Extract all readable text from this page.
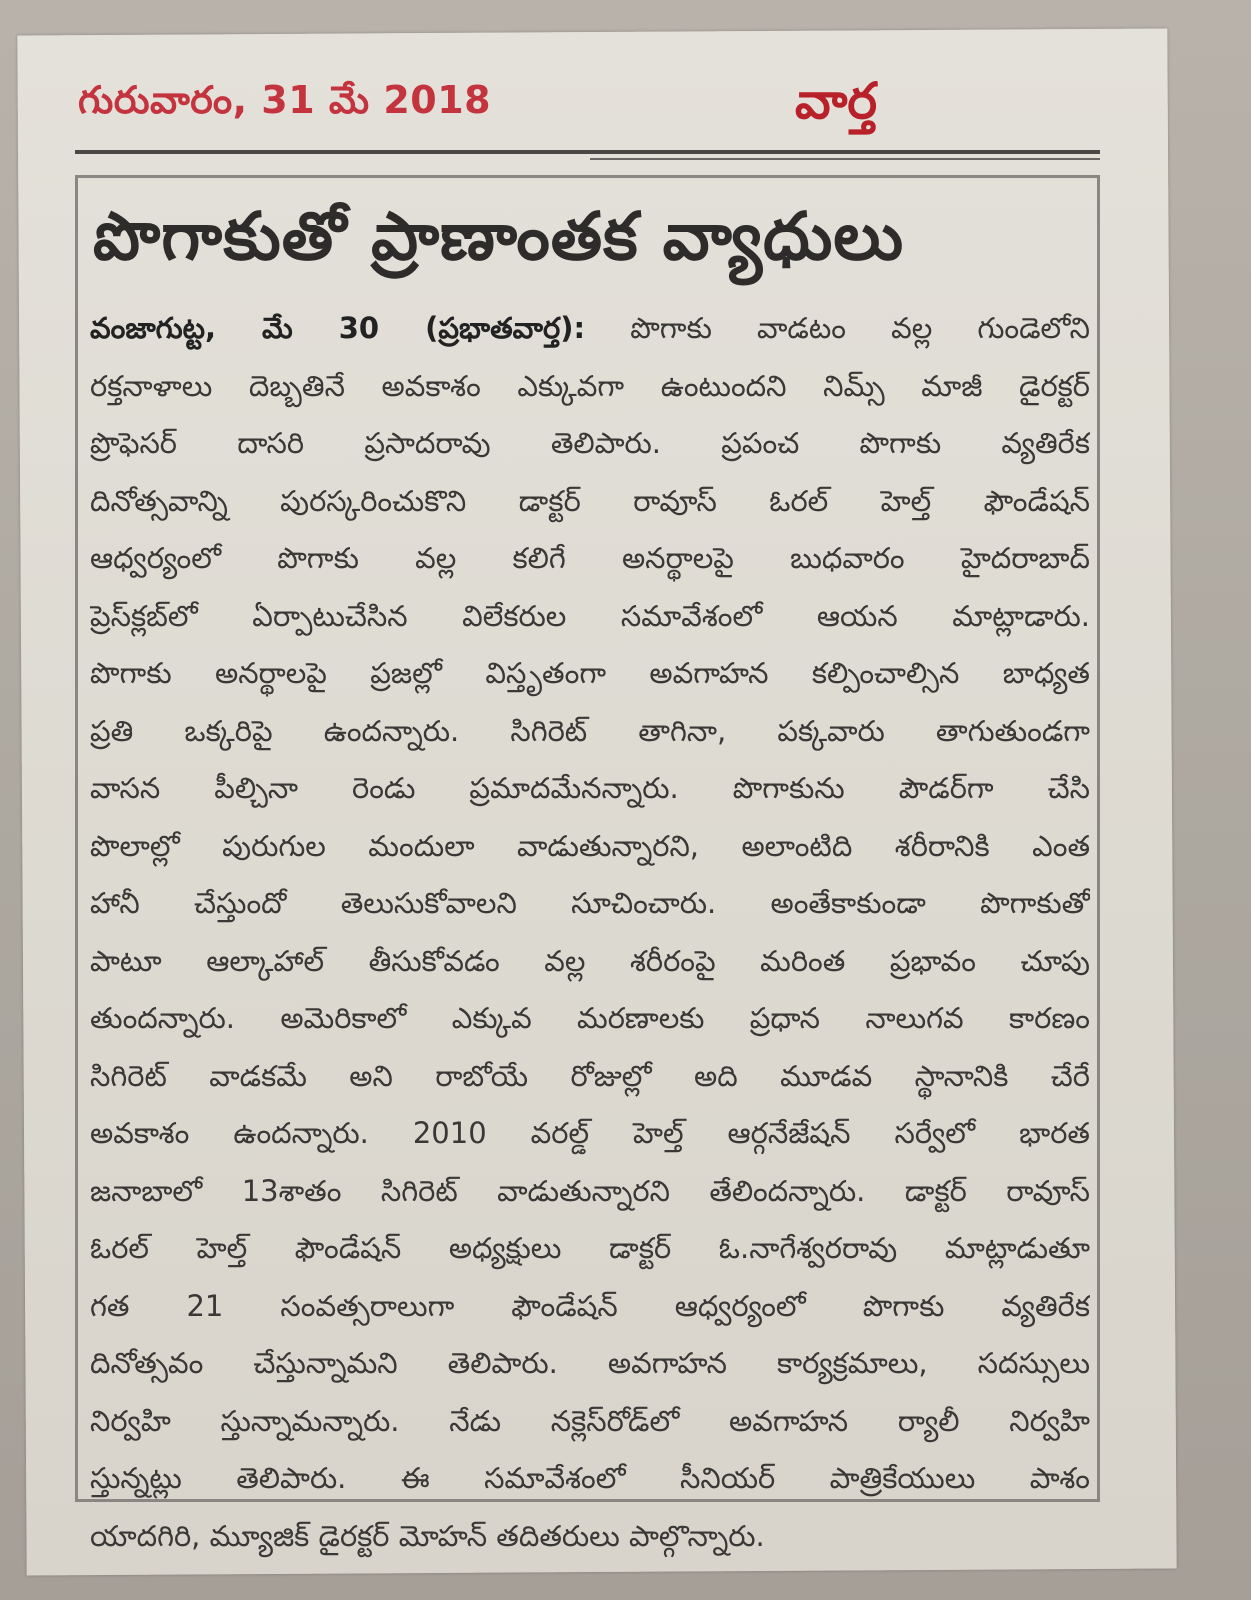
గురువారం, 31 మే 2018	వార్త
పొగాకుతో ప్రాణాంతక వ్యాధులు
వంజాగుట్ట, మే 30 (ప్రభాతవార్త): పొగాకు వాడటం వల్ల గుండెలోని
రక్తనాళాలు దెబ్బతినే అవకాశం ఎక్కువగా ఉంటుందని నిమ్స్ మాజీ డైరక్టర్
ప్రొఫెసర్ దాసరి ప్రసాదరావు తెలిపారు. ప్రపంచ పొగాకు వ్యతిరేక
దినోత్సవాన్ని పురస్కరించుకొని డాక్టర్ రావూస్ ఓరల్ హెల్త్ ఫౌండేషన్
ఆధ్వర్యంలో పొగాకు వల్ల కలిగే అనర్థాలపై బుధవారం హైదరాబాద్
ప్రెస్‌క్లబ్‌లో ఏర్పాటుచేసిన విలేకరుల సమావేశంలో ఆయన మాట్లాడారు.
పొగాకు అనర్థాలపై ప్రజల్లో విస్తృతంగా అవగాహన కల్పించాల్సిన బాధ్యత
ప్రతి ఒక్కరిపై ఉందన్నారు. సిగిరెట్ తాగినా, పక్కవారు తాగుతుండగా
వాసన పీల్చినా రెండు ప్రమాదమేనన్నారు. పొగాకును పౌడర్‌గా చేసి
పొలాల్లో పురుగుల మందులా వాడుతున్నారని, అలాంటిది శరీరానికి ఎంత
హానీ చేస్తుందో తెలుసుకోవాలని సూచించారు. అంతేకాకుండా పొగాకుతో
పాటూ ఆల్కాహాల్ తీసుకోవడం వల్ల శరీరంపై మరింత ప్రభావం చూపు
తుందన్నారు. అమెరికాలో ఎక్కువ మరణాలకు ప్రధాన నాలుగవ కారణం
సిగిరెట్ వాడకమే అని రాబోయే రోజుల్లో అది మూడవ స్థానానికి చేరే
అవకాశం ఉందన్నారు. 2010 వరల్డ్ హెల్త్ ఆర్గనేజేషన్ సర్వేలో భారత
జనాబాలో 13శాతం సిగిరెట్ వాడుతున్నారని తేలిందన్నారు. డాక్టర్ రావూస్
ఓరల్ హెల్త్ ఫౌండేషన్ అధ్యక్షులు డాక్టర్ ఓ.నాగేశ్వరరావు మాట్లాడుతూ
గత 21 సంవత్సరాలుగా ఫౌండేషన్ ఆధ్వర్యంలో పొగాకు వ్యతిరేక
దినోత్సవం చేస్తున్నామని తెలిపారు. అవగాహన కార్యక్రమాలు, సదస్సులు
నిర్వహి స్తున్నామన్నారు. నేడు నక్లెస్‌రోడ్‌లో అవగాహన ర్యాలీ నిర్వహి
స్తున్నట్లు తెలిపారు. ఈ సమావేశంలో సీనియర్ పాత్రికేయులు పాశం
యాదగిరి, మ్యూజిక్ డైరక్టర్ మోహన్ తదితరులు పాల్గొన్నారు.
